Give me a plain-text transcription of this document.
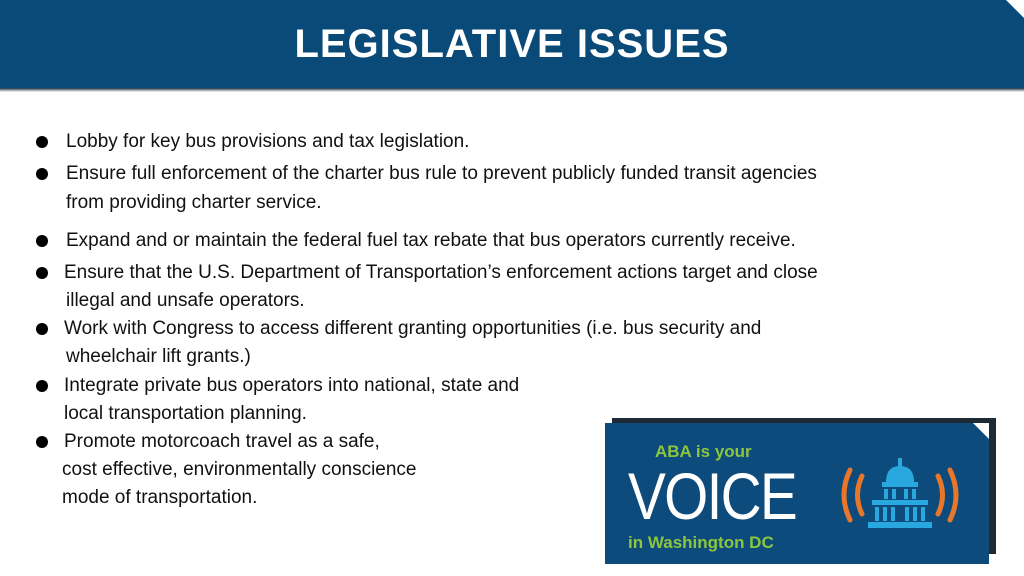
LEGISLATIVE ISSUES
Lobby for key bus provisions and tax legislation.
Ensure full enforcement of the charter bus rule to prevent publicly funded transit agencies
from providing charter service.
Expand and or maintain the federal fuel tax rebate that bus operators currently receive.
Ensure that the U.S. Department of Transportation’s enforcement actions target and close
illegal and unsafe operators.
Work with Congress to access different granting opportunities (i.e. bus security and
wheelchair lift grants.)
Integrate private bus operators into national, state and
local transportation planning.
Promote motorcoach travel as a safe,
cost effective, environmentally conscience
mode of transportation.
ABA is your
VOICE
in Washington DC
